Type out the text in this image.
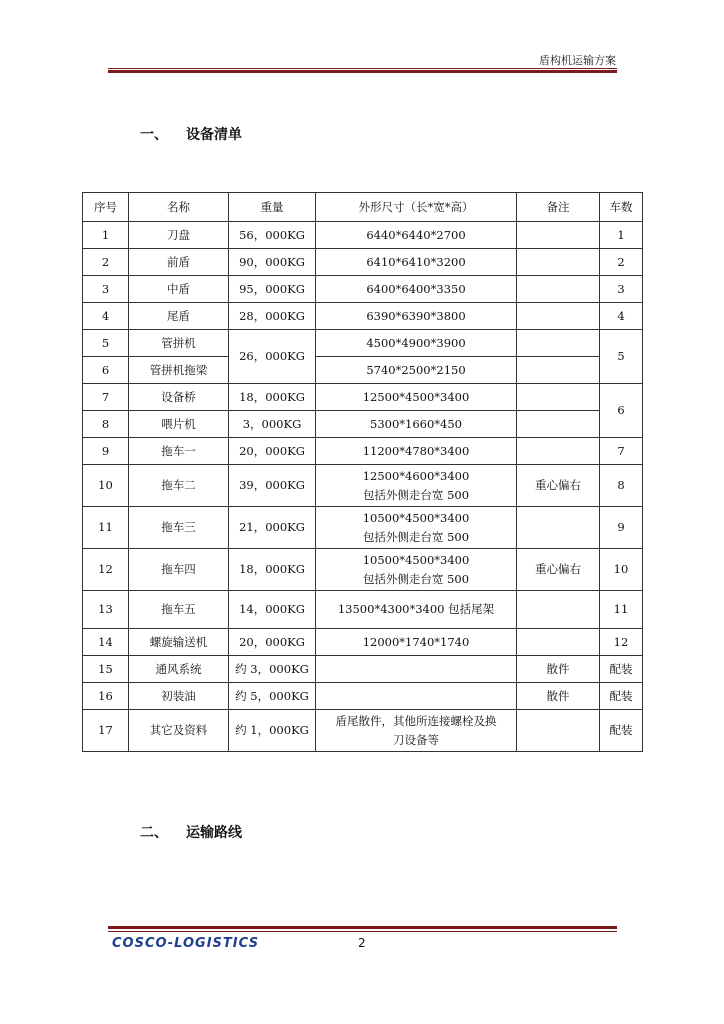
盾构机运输方案
一、 设备清单
序号	名称	重量	外形尺寸（长*宽*高）	备注	车数
1	刀盘	56，000KG	6440*6440*2700		1
2	前盾	90，000KG	6410*6410*3200		2
3	中盾	95，000KG	6400*6400*3350		3
4	尾盾	28，000KG	6390*6390*3800		4
5	管拼机	26，000KG	4500*4900*3900		5
6	管拼机拖梁		5740*2500*2150		
7	设备桥	18，000KG	12500*4500*3400		6
8	喂片机	3，000KG	5300*1660*450		
9	拖车一	20，000KG	11200*4780*3400		7
10	拖车二	39，000KG	12500*4600*3400
包括外侧走台宽 500	重心偏右	8
11	拖车三	21，000KG	10500*4500*3400
包括外侧走台宽 500		9
12	拖车四	18，000KG	10500*4500*3400
包括外侧走台宽 500	重心偏右	10
13	拖车五	14，000KG	13500*4300*3400 包括尾架		11
14	螺旋输送机	20，000KG	12000*1740*1740		12
15	通风系统	约 3，000KG		散件	配装
16	初装油	约 5，000KG		散件	配装
17	其它及资料	约 1，000KG	盾尾散件，其他所连接螺栓及换
刀设备等		配装
二、 运输路线
COSCO-LOGISTICS	2
